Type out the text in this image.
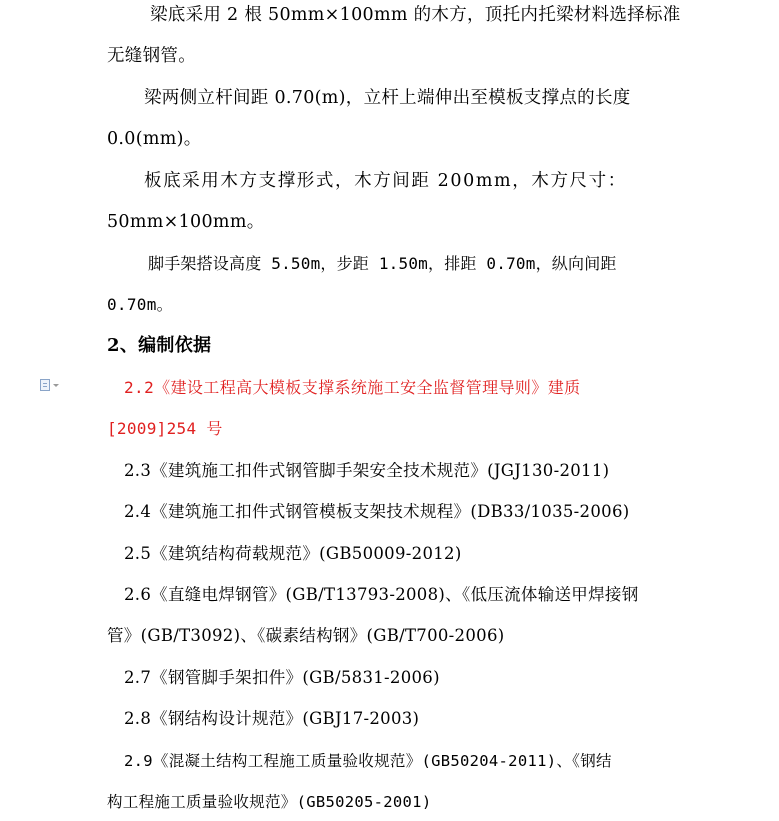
梁底采用 2 根 50mm×100mm 的木方，顶托内托梁材料选择标准
无缝钢管。
梁两侧立杆间距 0.70(m)，立杆上端伸出至模板支撑点的长度
0.0(mm)。
板底采用木方支撑形式，木方间距 200mm，木方尺寸：
50mm×100mm。
脚手架搭设高度 5.50m，步距 1.50m，排距 0.70m，纵向间距
0.70m。
2、编制依据
2.2《建设工程高大模板支撑系统施工安全监督管理导则》建质
[2009]254 号
2.3《建筑施工扣件式钢管脚手架安全技术规范》(JGJ130-2011)
2.4《建筑施工扣件式钢管模板支架技术规程》(DB33/1035-2006)
2.5《建筑结构荷载规范》(GB50009-2012)
2.6《直缝电焊钢管》(GB/T13793-2008)、《低压流体输送甲焊接钢
管》(GB/T3092)、《碳素结构钢》(GB/T700-2006)
2.7《钢管脚手架扣件》(GB/5831-2006)
2.8《钢结构设计规范》(GBJ17-2003)
2.9《混凝土结构工程施工质量验收规范》(GB50204-2011)、《钢结
构工程施工质量验收规范》(GB50205-2001)
